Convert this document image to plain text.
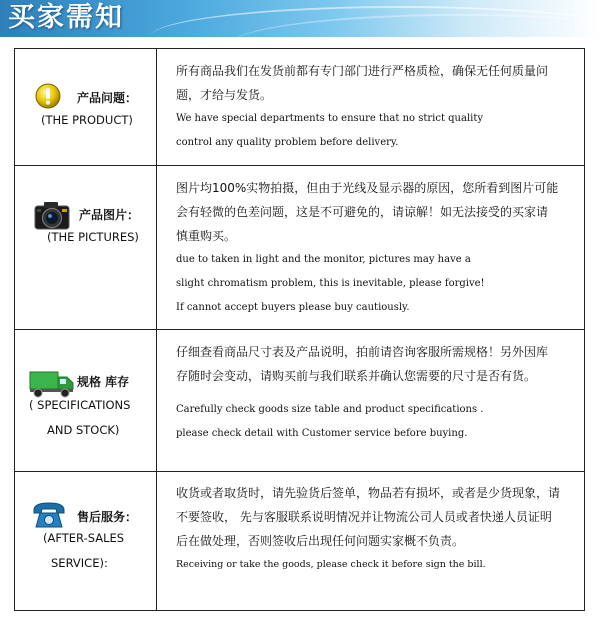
买家需知
产品问题：
(THE PRODUCT)
所有商品我们在发货前都有专门部门进行严格质检，确保无任何质量问
题，才给与发货。
We have special departments to ensure that no strict quality
control any quality problem before delivery.
产品图片：
(THE PICTURES)
图片均100%实物拍摄，但由于光线及显示器的原因，您所看到图片可能
会有轻微的色差问题，这是不可避免的，请谅解！如无法接受的买家请
慎重购买。
due to taken in light and the monitor, pictures may have a
slight chromatism problem, this is inevitable, please forgive!
If cannot accept buyers please buy cautiously.
规格 库存
( SPECIFICATIONS
AND STOCK)
仔细查看商品尺寸表及产品说明，拍前请咨询客服所需规格！另外因库
存随时会变动，请购买前与我们联系并确认您需要的尺寸是否有货。
Carefully check goods size table and product specifications .
please check detail with Customer service before buying.
售后服务：
(AFTER-SALES
SERVICE):
收货或者取货时，请先验货后签单，物品若有损坏，或者是少货现象，请
不要签收， 先与客服联系说明情况并让物流公司人员或者快递人员证明
后在做处理，否则签收后出现任何问题实家概不负责。
Receiving or take the goods, please check it before sign the bill.
